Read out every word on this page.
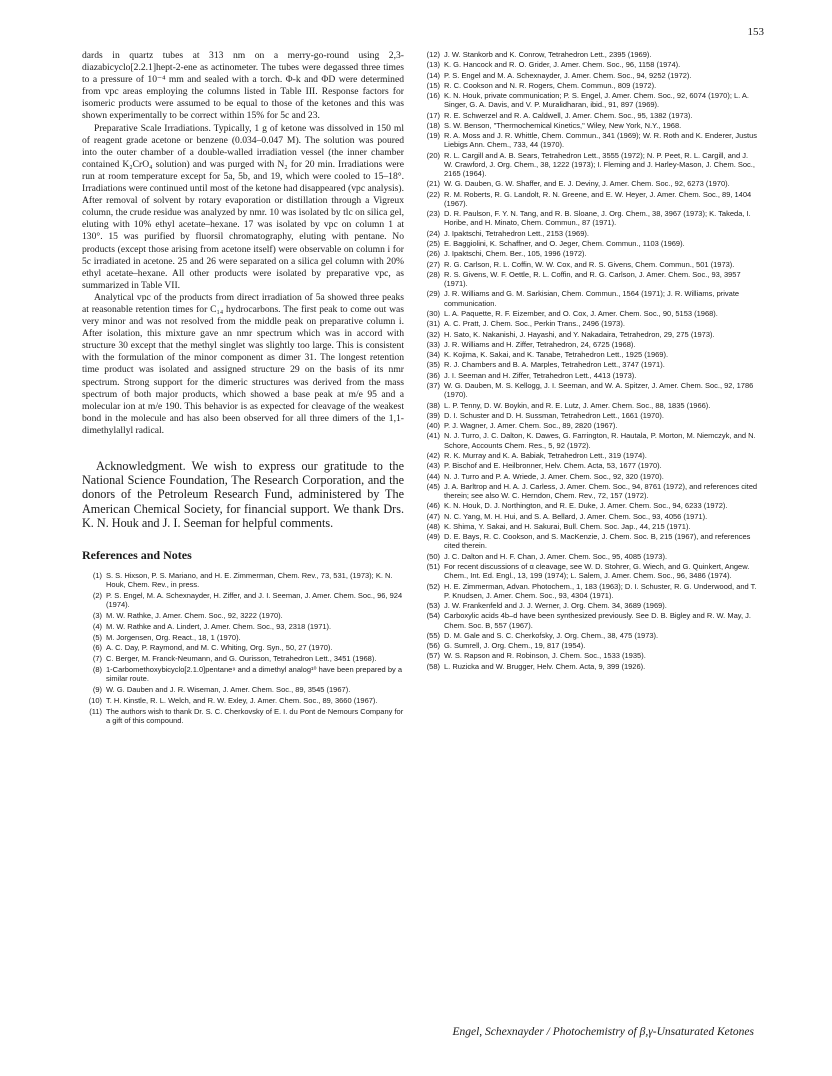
153

dards in quartz tubes at 313 nm on a merry-go-round using 2,3-diazabicyclo[2.2.1]hept-2-ene as actinometer. The tubes were degassed three times to a pressure of 10⁻⁴ mm and sealed with a torch. Φ-k and ΦD were determined from vpc areas employing the columns listed in Table III. Response factors for isomeric products were assumed to be equal to those of the ketones and this was shown experimentally to be correct within 15% for 5c and 23.

Preparative Scale Irradiations. Typically, 1 g of ketone was dissolved in 150 ml of reagent grade acetone or benzene (0.034–0.047 M). The solution was poured into the outer chamber of a double-walled irradiation vessel (the inner chamber contained K₂CrO₄ solution) and was purged with N₂ for 20 min. Irradiations were run at room temperature except for 5a, 5b, and 19, which were cooled to 15–18°. Irradiations were continued until most of the ketone had disappeared (vpc analysis). After removal of solvent by rotary evaporation or distillation through a Vigreux column, the crude residue was analyzed by nmr. 10 was isolated by tlc on silica gel, eluting with 10% ethyl acetate–hexane. 17 was isolated by vpc on column 1 at 130°. 15 was purified by fluorsil chromatography, eluting with pentane. No products (except those arising from acetone itself) were observable on column i for 5c irradiated in acetone. 25 and 26 were separated on a silica gel column with 20% ethyl acetate–hexane. All other products were isolated by preparative vpc, as summarized in Table VII.

Analytical vpc of the products from direct irradiation of 5a showed three peaks at reasonable retention times for C₁₄ hydrocarbons. The first peak to come out was very minor and was not resolved from the middle peak on preparative column i. After isolation, this mixture gave an nmr spectrum which was in accord with structure 30 except that the methyl singlet was slightly too large. This is consistent with the formulation of the minor component as dimer 31. The longest retention time product was isolated and assigned structure 29 on the basis of its nmr spectrum. Strong support for the dimeric structures was derived from the mass spectrum of both major products, which showed a base peak at m/e 95 and a molecular ion at m/e 190. This behavior is as expected for cleavage of the weakest bond in the molecule and has also been observed for all three dimers of the 1,1-dimethylallyl radical.

Acknowledgment. We wish to express our gratitude to the National Science Foundation, The Research Corporation, and the donors of the Petroleum Research Fund, administered by The American Chemical Society, for financial support. We thank Drs. K. N. Houk and J. I. Seeman for helpful comments.

References and Notes
(1) S. S. Hixson, P. S. Mariano, and H. E. Zimmerman, Chem. Rev., 73, 531, (1973); K. N. Houk, Chem. Rev., in press.
(2) P. S. Engel, M. A. Schexnayder, H. Ziffer, and J. I. Seeman, J. Amer. Chem. Soc., 96, 924 (1974).
(3) M. W. Rathke, J. Amer. Chem. Soc., 92, 3222 (1970).
(4) M. W. Rathke and A. Lindert, J. Amer. Chem. Soc., 93, 2318 (1971).
(5) M. Jorgensen, Org. React., 18, 1 (1970).
(6) A. C. Day, P. Raymond, and M. C. Whiting, Org. Syn., 50, 27 (1970).
(7) C. Berger, M. Franck-Neumann, and G. Ourisson, Tetrahedron Lett., 3451 (1968).
(8) 1-Carbomethoxybicyclo[2.1.0]pentane⁹ and a dimethyl analog¹⁰ have been prepared by a similar route.
(9) W. G. Dauben and J. R. Wiseman, J. Amer. Chem. Soc., 89, 3545 (1967).
(10) T. H. Kinstle, R. L. Welch, and R. W. Exley, J. Amer. Chem. Soc., 89, 3660 (1967).
(11) The authors wish to thank Dr. S. C. Cherkovsky of E. I. du Pont de Nemours Company for a gift of this compound.
(12) J. W. Stankorb and K. Conrow, Tetrahedron Lett., 2395 (1969).
(13) K. G. Hancock and R. O. Grider, J. Amer. Chem. Soc., 96, 1158 (1974).
(14) P. S. Engel and M. A. Schexnayder, J. Amer. Chem. Soc., 94, 9252 (1972).
(15) R. C. Cookson and N. R. Rogers, Chem. Commun., 809 (1972).
(16) K. N. Houk, private communication; P. S. Engel, J. Amer. Chem. Soc., 92, 6074 (1970); L. A. Singer, G. A. Davis, and V. P. Muralidharan, ibid., 91, 897 (1969).
(17) R. E. Schwerzel and R. A. Caldwell, J. Amer. Chem. Soc., 95, 1382 (1973).
(18) S. W. Benson, "Thermochemical Kinetics," Wiley, New York, N.Y., 1968.
(19) R. A. Moss and J. R. Whittle, Chem. Commun., 341 (1969); W. R. Roth and K. Enderer, Justus Liebigs Ann. Chem., 733, 44 (1970).
(20) R. L. Cargill and A. B. Sears, Tetrahedron Lett., 3555 (1972); N. P. Peet, R. L. Cargill, and J. W. Crawford, J. Org. Chem., 38, 1222 (1973); I. Fleming and J. Harley-Mason, J. Chem. Soc., 2165 (1964).
(21) W. G. Dauben, G. W. Shaffer, and E. J. Deviny, J. Amer. Chem. Soc., 92, 6273 (1970).
(22) R. M. Roberts, R. G. Landolt, R. N. Greene, and E. W. Heyer, J. Amer. Chem. Soc., 89, 1404 (1967).
(23) D. R. Paulson, F. Y. N. Tang, and R. B. Sloane, J. Org. Chem., 38, 3967 (1973); K. Takeda, I. Horibe, and H. Minato, Chem. Commun., 87 (1971).
(24) J. Ipaktschi, Tetrahedron Lett., 2153 (1969).
(25) E. Baggiolini, K. Schaffner, and O. Jeger, Chem. Commun., 1103 (1969).
(26) J. Ipaktschi, Chem. Ber., 105, 1996 (1972).
(27) R. G. Carlson, R. L. Coffin, W. W. Cox, and R. S. Givens, Chem. Commun., 501 (1973).
(28) R. S. Givens, W. F. Oettle, R. L. Coffin, and R. G. Carlson, J. Amer. Chem. Soc., 93, 3957 (1971).
(29) J. R. Williams and G. M. Sarkisian, Chem. Commun., 1564 (1971); J. R. Williams, private communication.
(30) L. A. Paquette, R. F. Eizember, and O. Cox, J. Amer. Chem. Soc., 90, 5153 (1968).
(31) A. C. Pratt, J. Chem. Soc., Perkin Trans., 2496 (1973).
(32) H. Sato, K. Nakanishi, J. Hayashi, and Y. Nakadaira, Tetrahedron, 29, 275 (1973).
(33) J. R. Williams and H. Ziffer, Tetrahedron, 24, 6725 (1968).
(34) K. Kojima, K. Sakai, and K. Tanabe, Tetrahedron Lett., 1925 (1969).
(35) R. J. Chambers and B. A. Marples, Tetrahedron Lett., 3747 (1971).
(36) J. I. Seeman and H. Ziffer, Tetrahedron Lett., 4413 (1973).
(37) W. G. Dauben, M. S. Kellogg, J. I. Seeman, and W. A. Spitzer, J. Amer. Chem. Soc., 92, 1786 (1970).
(38) L. P. Tenny, D. W. Boykin, and R. E. Lutz, J. Amer. Chem. Soc., 88, 1835 (1966).
(39) D. I. Schuster and D. H. Sussman, Tetrahedron Lett., 1661 (1970).
(40) P. J. Wagner, J. Amer. Chem. Soc., 89, 2820 (1967).
(41) N. J. Turro, J. C. Dalton, K. Dawes, G. Farrington, R. Hautala, P. Morton, M. Niemczyk, and N. Schore, Accounts Chem. Res., 5, 92 (1972).
(42) R. K. Murray and K. A. Babiak, Tetrahedron Lett., 319 (1974).
(43) P. Bischof and E. Heilbronner, Helv. Chem. Acta, 53, 1677 (1970).
(44) N. J. Turro and P. A. Wriede, J. Amer. Chem. Soc., 92, 320 (1970).
(45) J. A. Barltrop and H. A. J. Carless, J. Amer. Chem. Soc., 94, 8761 (1972), and references cited therein; see also W. C. Herndon, Chem. Rev., 72, 157 (1972).
(46) K. N. Houk, D. J. Northington, and R. E. Duke, J. Amer. Chem. Soc., 94, 6233 (1972).
(47) N. C. Yang, M. H. Hui, and S. A. Bellard, J. Amer. Chem. Soc., 93, 4056 (1971).
(48) K. Shima, Y. Sakai, and H. Sakurai, Bull. Chem. Soc. Jap., 44, 215 (1971).
(49) D. E. Bays, R. C. Cookson, and S. MacKenzie, J. Chem. Soc. B, 215 (1967), and references cited therein.
(50) J. C. Dalton and H. F. Chan, J. Amer. Chem. Soc., 95, 4085 (1973).
(51) For recent discussions of α cleavage, see W. D. Stohrer, G. Wiech, and G. Quinkert, Angew. Chem., Int. Ed. Engl., 13, 199 (1974); L. Salem, J. Amer. Chem. Soc., 96, 3486 (1974).
(52) H. E. Zimmerman, Advan. Photochem., 1, 183 (1963); D. I. Schuster, R. G. Underwood, and T. P. Knudsen, J. Amer. Chem. Soc., 93, 4304 (1971).
(53) J. W. Frankenfeld and J. J. Werner, J. Org. Chem. 34, 3689 (1969).
(54) Carboxylic acids 4b–d have been synthesized previously. See D. B. Bigley and R. W. May, J. Chem. Soc. B, 557 (1967).
(55) D. M. Gale and S. C. Cherkofsky, J. Org. Chem., 38, 475 (1973).
(56) G. Sumrell, J. Org. Chem., 19, 817 (1954).
(57) W. S. Rapson and R. Robinson, J. Chem. Soc., 1533 (1935).
(58) L. Ruzicka and W. Brugger, Helv. Chem. Acta, 9, 399 (1926).
Engel, Schexnayder / Photochemistry of β,γ-Unsaturated Ketones
